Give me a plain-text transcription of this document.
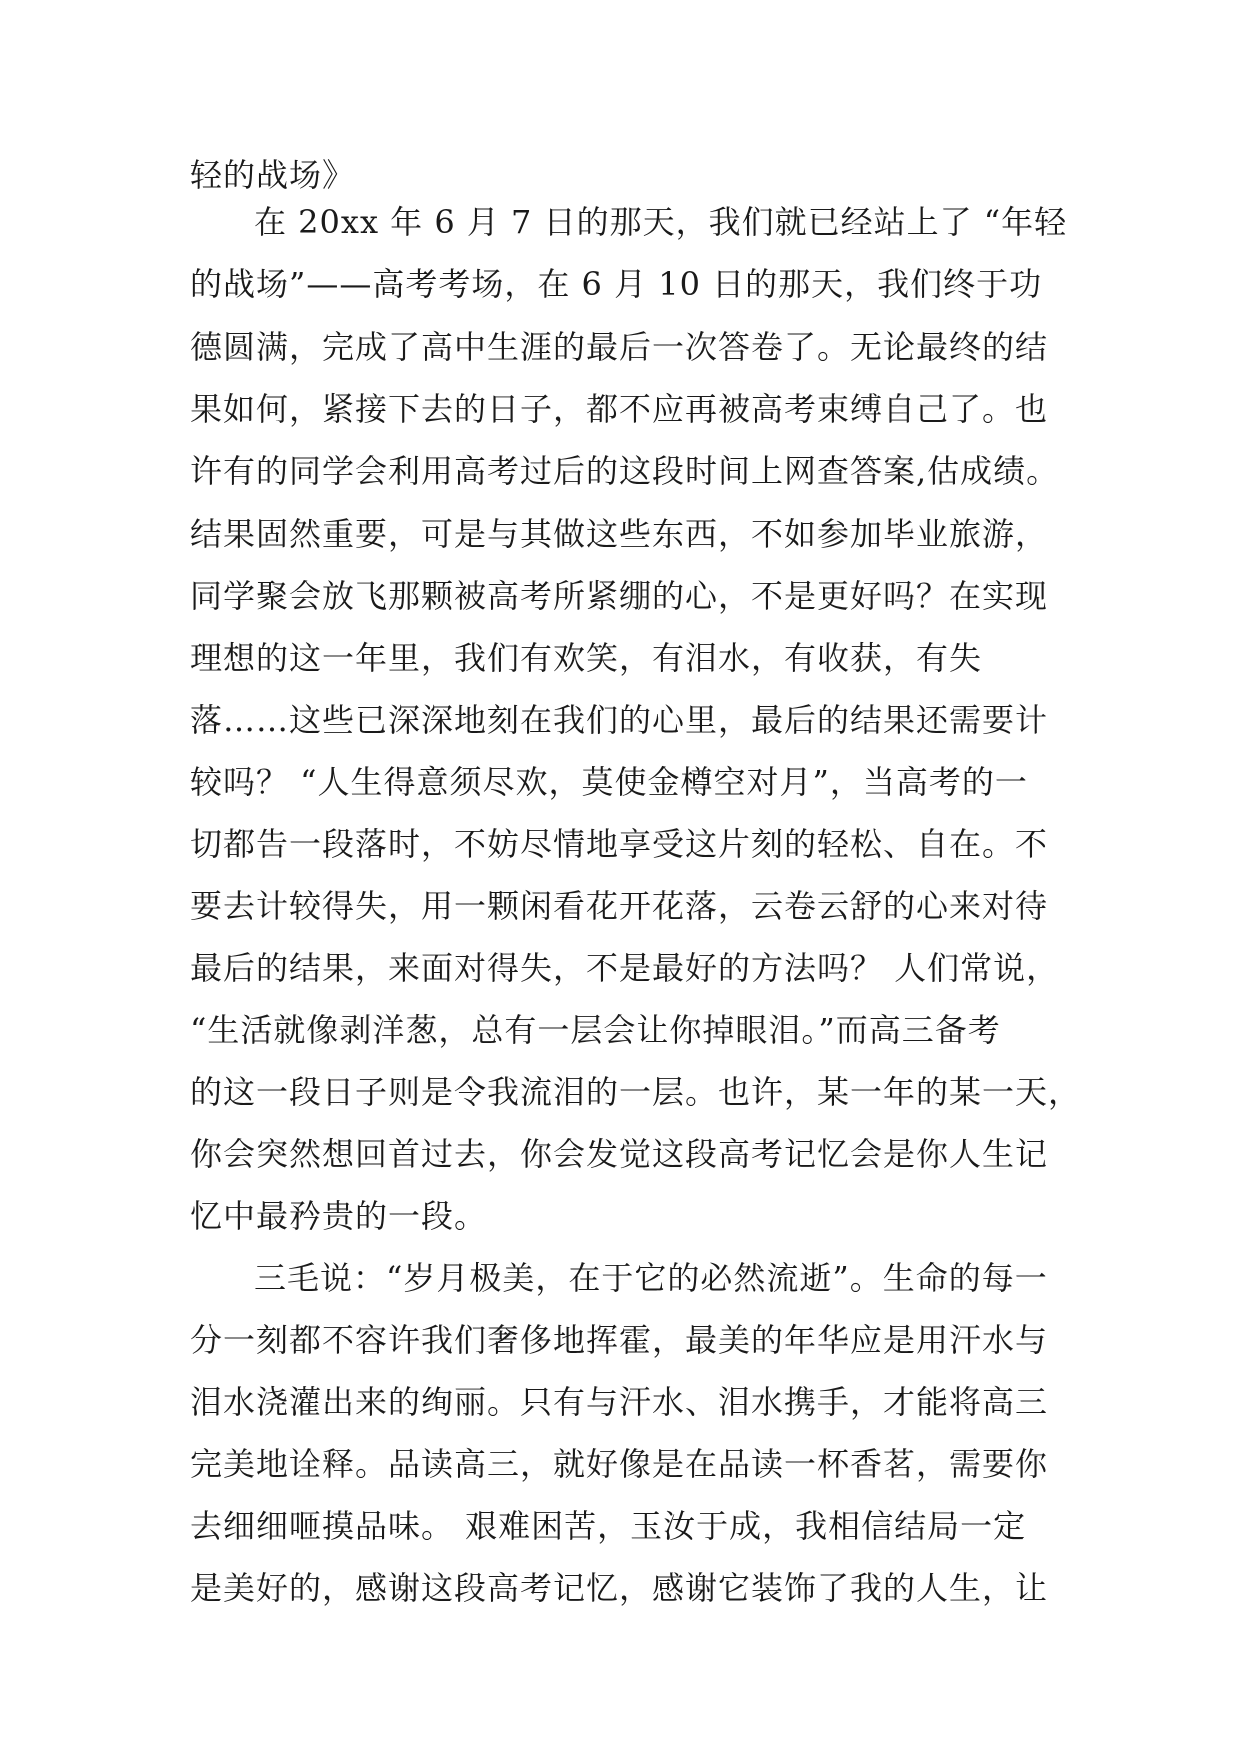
轻的战场》
在 20xx 年 6 月 7 日的那天，我们就已经站上了 “年轻
的战场”——高考考场，在 6 月 10 日的那天，我们终于功
德圆满，完成了高中生涯的最后一次答卷了。无论最终的结
果如何，紧接下去的日子，都不应再被高考束缚自己了。也
许有的同学会利用高考过后的这段时间上网查答案,估成绩。
结果固然重要，可是与其做这些东西，不如参加毕业旅游，
同学聚会放飞那颗被高考所紧绷的心，不是更好吗？在实现
理想的这一年里，我们有欢笑，有泪水，有收获，有失
落……这些已深深地刻在我们的心里，最后的结果还需要计
较吗？ “人生得意须尽欢，莫使金樽空对月”，当高考的一
切都告一段落时，不妨尽情地享受这片刻的轻松、自在。不
要去计较得失，用一颗闲看花开花落，云卷云舒的心来对待
最后的结果，来面对得失，不是最好的方法吗？ 人们常说，
“生活就像剥洋葱，总有一层会让你掉眼泪。”而高三备考
的这一段日子则是令我流泪的一层。也许，某一年的某一天，
你会突然想回首过去，你会发觉这段高考记忆会是你人生记
忆中最矜贵的一段。
三毛说：“岁月极美，在于它的必然流逝”。生命的每一
分一刻都不容许我们奢侈地挥霍，最美的年华应是用汗水与
泪水浇灌出来的绚丽。只有与汗水、泪水携手，才能将高三
完美地诠释。品读高三，就好像是在品读一杯香茗，需要你
去细细咂摸品味。 艰难困苦，玉汝于成，我相信结局一定
是美好的，感谢这段高考记忆，感谢它装饰了我的人生，让
